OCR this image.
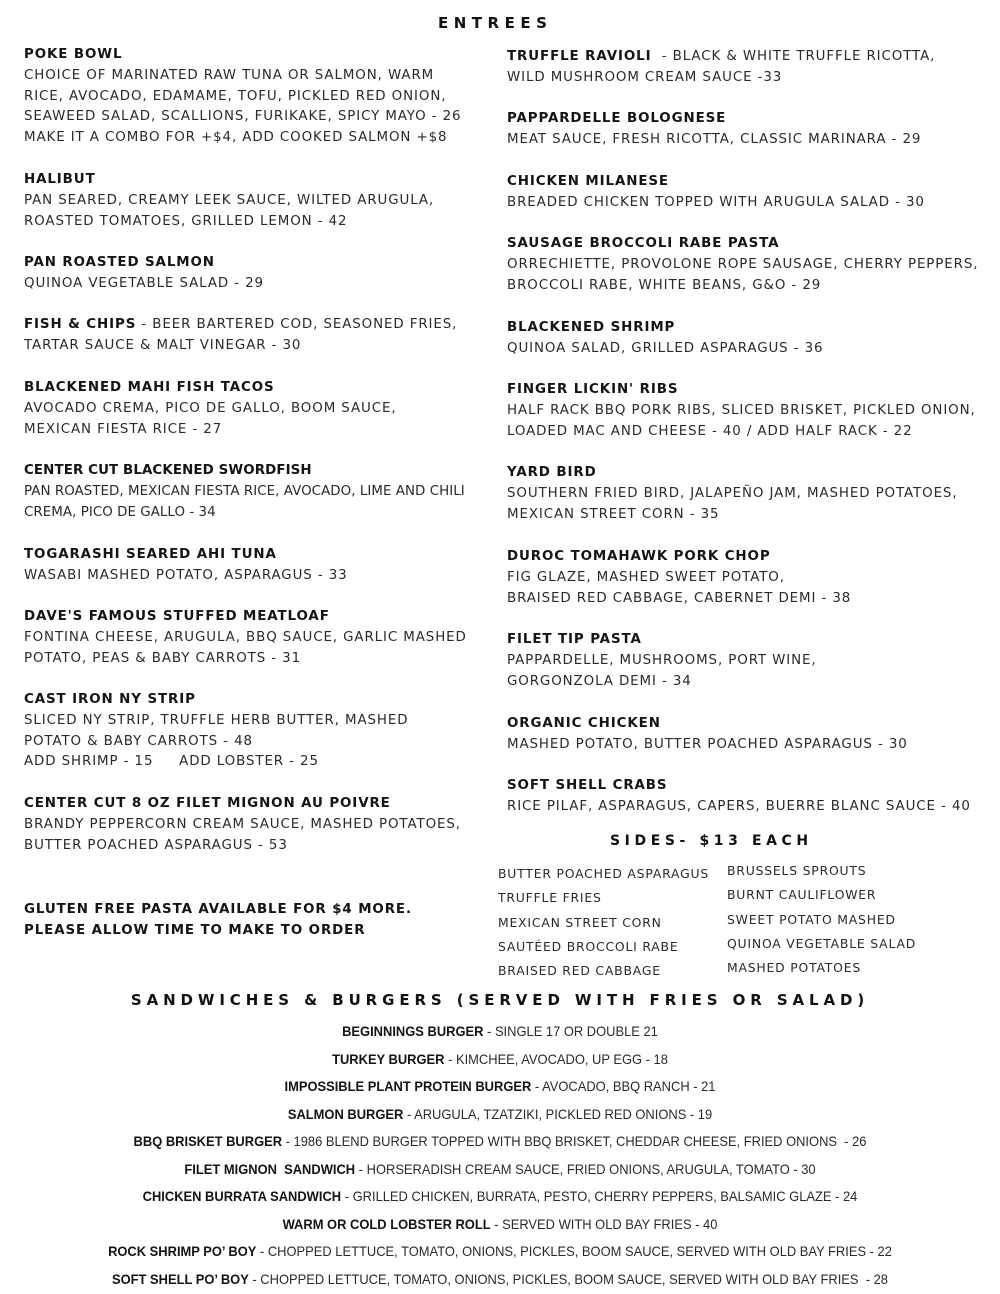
ENTREES
POKE BOWL
CHOICE OF MARINATED RAW TUNA OR SALMON, WARM
RICE, AVOCADO, EDAMAME, TOFU, PICKLED RED ONION,
SEAWEED SALAD, SCALLIONS, FURIKAKE, SPICY MAYO - 26
MAKE IT A COMBO FOR +$4, ADD COOKED SALMON +$8
HALIBUT
PAN SEARED, CREAMY LEEK SAUCE, WILTED ARUGULA,
ROASTED TOMATOES, GRILLED LEMON - 42
PAN ROASTED SALMON
QUINOA VEGETABLE SALAD - 29
FISH & CHIPS - BEER BARTERED COD, SEASONED FRIES,
TARTAR SAUCE & MALT VINEGAR - 30
BLACKENED MAHI FISH TACOS
AVOCADO CREMA, PICO DE GALLO, BOOM SAUCE,
MEXICAN FIESTA RICE - 27
CENTER CUT BLACKENED SWORDFISH
PAN ROASTED, MEXICAN FIESTA RICE, AVOCADO, LIME AND CHILI
CREMA, PICO DE GALLO - 34
TOGARASHI SEARED AHI TUNA
WASABI MASHED POTATO, ASPARAGUS - 33
DAVE'S FAMOUS STUFFED MEATLOAF
FONTINA CHEESE, ARUGULA, BBQ SAUCE, GARLIC MASHED
POTATO, PEAS & BABY CARROTS - 31
CAST IRON NY STRIP
SLICED NY STRIP, TRUFFLE HERB BUTTER, MASHED
POTATO & BABY CARROTS - 48
ADD SHRIMP - 15     ADD LOBSTER - 25
CENTER CUT 8 OZ FILET MIGNON AU POIVRE
BRANDY PEPPERCORN CREAM SAUCE, MASHED POTATOES,
BUTTER POACHED ASPARAGUS - 53
GLUTEN FREE PASTA AVAILABLE FOR $4 MORE.
PLEASE ALLOW TIME TO MAKE TO ORDER
TRUFFLE RAVIOLI  - BLACK & WHITE TRUFFLE RICOTTA,
WILD MUSHROOM CREAM SAUCE -33
PAPPARDELLE BOLOGNESE
MEAT SAUCE, FRESH RICOTTA, CLASSIC MARINARA - 29
CHICKEN MILANESE
BREADED CHICKEN TOPPED WITH ARUGULA SALAD - 30
SAUSAGE BROCCOLI RABE PASTA
ORRECHIETTE, PROVOLONE ROPE SAUSAGE, CHERRY PEPPERS,
BROCCOLI RABE, WHITE BEANS, G&O - 29
BLACKENED SHRIMP
QUINOA SALAD, GRILLED ASPARAGUS - 36
FINGER LICKIN' RIBS
HALF RACK BBQ PORK RIBS, SLICED BRISKET, PICKLED ONION,
LOADED MAC AND CHEESE - 40 / ADD HALF RACK - 22
YARD BIRD
SOUTHERN FRIED BIRD, JALAPEÑO JAM, MASHED POTATOES,
MEXICAN STREET CORN - 35
DUROC TOMAHAWK PORK CHOP
FIG GLAZE, MASHED SWEET POTATO,
BRAISED RED CABBAGE, CABERNET DEMI - 38
FILET TIP PASTA
PAPPARDELLE, MUSHROOMS, PORT WINE,
GORGONZOLA DEMI - 34
ORGANIC CHICKEN
MASHED POTATO, BUTTER POACHED ASPARAGUS - 30
SOFT SHELL CRABS
RICE PILAF, ASPARAGUS, CAPERS, BUERRE BLANC SAUCE - 40
SIDES- $13 EACH
BUTTER POACHED ASPARAGUS
TRUFFLE FRIES
MEXICAN STREET CORN
SAUTÉED BROCCOLI RABE
BRAISED RED CABBAGE
BRUSSELS SPROUTS
BURNT CAULIFLOWER
SWEET POTATO MASHED
QUINOA VEGETABLE SALAD
MASHED POTATOES
SANDWICHES & BURGERS (SERVED WITH FRIES OR SALAD)
BEGINNINGS BURGER - SINGLE 17 OR DOUBLE 21
TURKEY BURGER - KIMCHEE, AVOCADO, UP EGG - 18
IMPOSSIBLE PLANT PROTEIN BURGER - AVOCADO, BBQ RANCH - 21
SALMON BURGER - ARUGULA, TZATZIKI, PICKLED RED ONIONS - 19
BBQ BRISKET BURGER - 1986 BLEND BURGER TOPPED WITH BBQ BRISKET, CHEDDAR CHEESE, FRIED ONIONS  - 26
FILET MIGNON  SANDWICH - HORSERADISH CREAM SAUCE, FRIED ONIONS, ARUGULA, TOMATO - 30
CHICKEN BURRATA SANDWICH - GRILLED CHICKEN, BURRATA, PESTO, CHERRY PEPPERS, BALSAMIC GLAZE - 24
WARM OR COLD LOBSTER ROLL - SERVED WITH OLD BAY FRIES - 40
ROCK SHRIMP PO’ BOY - CHOPPED LETTUCE, TOMATO, ONIONS, PICKLES, BOOM SAUCE, SERVED WITH OLD BAY FRIES - 22
SOFT SHELL PO’ BOY - CHOPPED LETTUCE, TOMATO, ONIONS, PICKLES, BOOM SAUCE, SERVED WITH OLD BAY FRIES  - 28
